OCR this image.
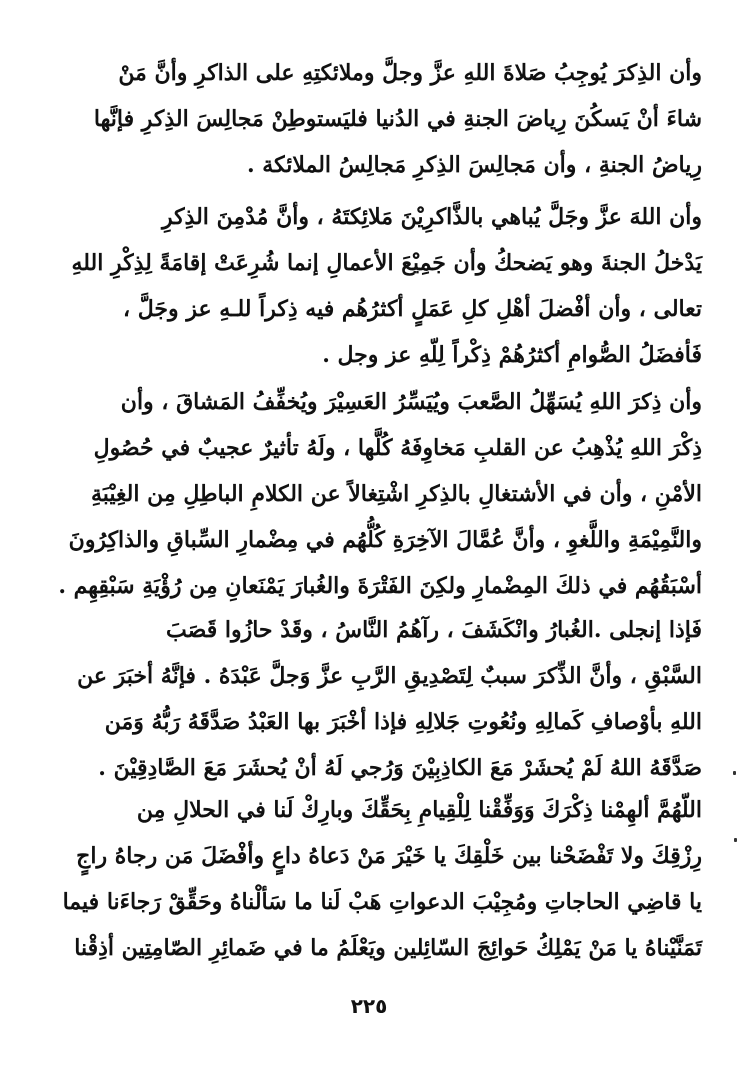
وأن الذِكرَ يُوجِبُ صَلاةَ اللهِ عزَّ وجلَّ وملائكتِهِ على الذاكرِ وأنَّ مَنْ
شاءَ أنْ يَسكُنَ رِياضَ الجنةِ في الدُنيا فليَستوطِنْ مَجالِسَ الذِكرِ فإنَّها
رِياضُ الجنةِ ، وأن مَجالِسَ الذِكرِ مَجالِسُ الملائكة .
وأن اللهَ عزَّ وجَلَّ يُباهي بالذَّاكرِيْنَ مَلائِكتَهُ ، وأنَّ مُدْمِنَ الذِكرِ
يَدْخلُ الجنةَ وهو يَضحكُ وأن جَمِيْعَ الأعمالِ إنما شُرِعَتْ إقامَةً لِذِكْرِ اللهِ
تعالى ، وأن أفْضلَ أهْلِ كلِ عَمَلٍ أكثرُهُم فيه ذِكراً للـهِ عز وجَلَّ ،
فَأفضَلُ الصُّوامِ أكثرُهُمْ ذِكْراً لِلّهِ عز وجل .
وأن ذِكرَ اللهِ يُسَهِّلُ الصَّعبَ ويُيَسِّرُ العَسِيْرَ ويُخفِّفُ المَشاقَ ، وأن
ذِكْرَ اللهِ يُذْهِبُ عن القلبِ مَخاوِفَهُ كُلَّها ، ولَهُ تأثيرٌ عجيبٌ في حُصُولِ
الأمْنِ ، وأن في الأشتغالِ بالذِكرِ اشْتِغالاً عن الكلامِ الباطِلِ مِن الغِيْبَةِ
والنَّمِيْمَةِ واللَّغوِ ، وأنَّ عُمَّالَ الآخِرَةِ كُلُّهُم في مِضْمارِ السِّباقِ والذاكِرُونَ
أسْبَقُهُم في ذلكَ المِضْمارِ ولكِنَ الفَتْرَةَ والغُبارَ يَمْنَعانِ مِن رُؤْيَةِ سَبْقِهِم .
فَإذا إنجلى .الغُبارُ وانْكَشَفَ ، رآهُمُ النَّاسُ ، وقَدْ حازُوا قَصَبَ
السَّبْقِ ، وأنَّ الذِّكرَ سببٌ لِتَصْدِيقِ الرَّبِ عزَّ وَجلَّ عَبْدَهُ . فإنَّهُ أخبَرَ عن
اللهِ بأوْصافِ كَمالِهِ ونُعُوتِ جَلالِهِ فإذا أخْبَرَ بها العَبْدُ صَدَّقَهُ رَبُّهُ وَمَن
صَدَّقَهُ اللهُ لَمْ يُحشَرْ مَعَ الكاذِبِيْنَ وَرُجي لَهُ أنْ يُحشَرَ مَعَ الصَّادِقِيْنَ .
اللّهُمَّ ألهِمْنا ذِكْرَكَ وَوَفِّقْنا لِلْقِيامِ بِحَقِّكَ وبارِكْ لَنا في الحلالِ مِن
رِزْقِكَ ولا تَفْضَحْنا بين خَلْقِكَ يا خَيْرَ مَنْ دَعاهُ داعٍ وأفْضَلَ مَن رجاهُ راجٍ
يا قاضِي الحاجاتِ ومُجِيْبَ الدعواتِ هَبْ لَنا ما سَألْناهُ وحَقِّقْ رَجاءَنا فيما
تَمَنَّيْناهُ يا مَنْ يَمْلِكُ حَوائِجَ السّائِلين ويَعْلَمُ ما في ضَمائِرِ الصّامِتِين أذِقْنا
٢٢٥
